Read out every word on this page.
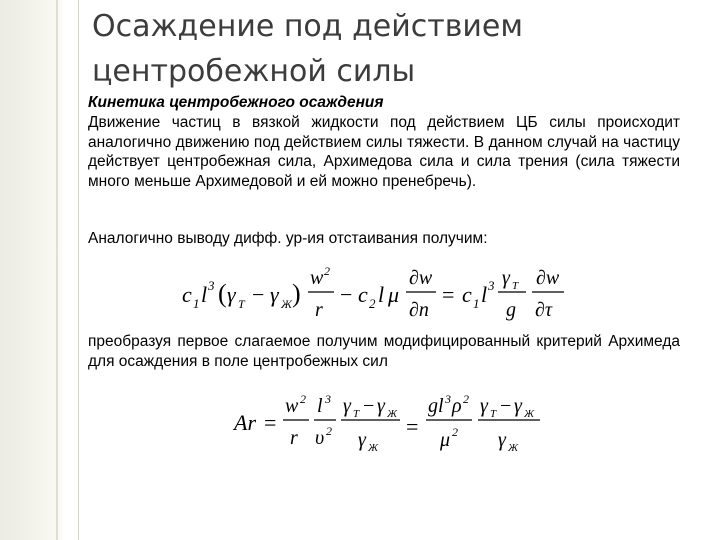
Осаждение под действием центробежной силы
Кинетика центробежного осаждения

Движение частиц в вязкой жидкости под действием ЦБ силы происходит аналогично движению под действием силы тяжести. В данном случай на частицу действует центробежная сила, Архимедова сила и сила трения (сила тяжести много меньше Архимедовой и ей можно пренебречь).

Аналогично выводу дифф. ур-ия отстаивания получим:

c 1 l 3 ( γ T − γ Ж )
w 2
r
− c 2 l μ
∂w
∂n
= c 1 l 3 γ T
g
∂w
∂τ

преобразуя первое слагаемое получим модифицированный критерий Архимеда для осаждения в поле центробежных сил

Ar =
w 2
r
l 3
υ 2
γ T − γ Ж
γ Ж
=
gl 3 ρ 2
μ 2
γ T − γ Ж
γ Ж
